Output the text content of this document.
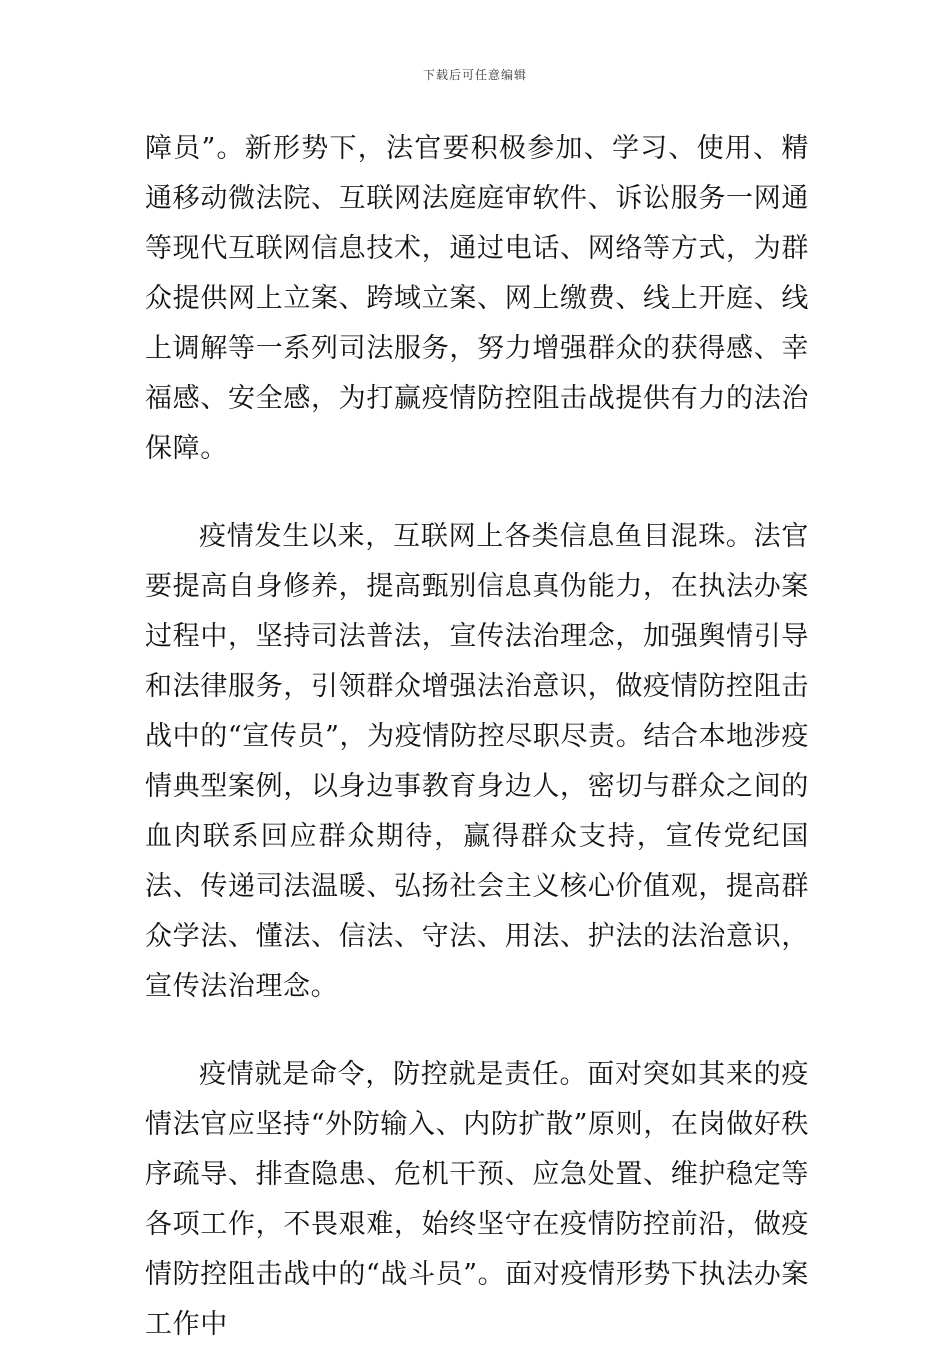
下载后可任意编辑

障员”。新形势下，法官要积极参加、学习、使用、精通移动微法院、互联网法庭庭审软件、诉讼服务一网通等现代互联网信息技术，通过电话、网络等方式，为群众提供网上立案、跨域立案、网上缴费、线上开庭、线上调解等一系列司法服务，努力增强群众的获得感、幸福感、安全感，为打赢疫情防控阻击战提供有力的法治保障。

疫情发生以来，互联网上各类信息鱼目混珠。法官要提高自身修养，提高甄别信息真伪能力，在执法办案过程中，坚持司法普法，宣传法治理念，加强舆情引导和法律服务，引领群众增强法治意识，做疫情防控阻击战中的“宣传员”，为疫情防控尽职尽责。结合本地涉疫情典型案例，以身边事教育身边人，密切与群众之间的血肉联系回应群众期待，赢得群众支持，宣传党纪国法、传递司法温暖、弘扬社会主义核心价值观，提高群众学法、懂法、信法、守法、用法、护法的法治意识，宣传法治理念。

疫情就是命令，防控就是责任。面对突如其来的疫情法官应坚持“外防输入、内防扩散”原则，在岗做好秩序疏导、排查隐患、危机干预、应急处置、维护稳定等各项工作，不畏艰难，始终坚守在疫情防控前沿，做疫情防控阻击战中的“战斗员”。面对疫情形势下执法办案工作中
